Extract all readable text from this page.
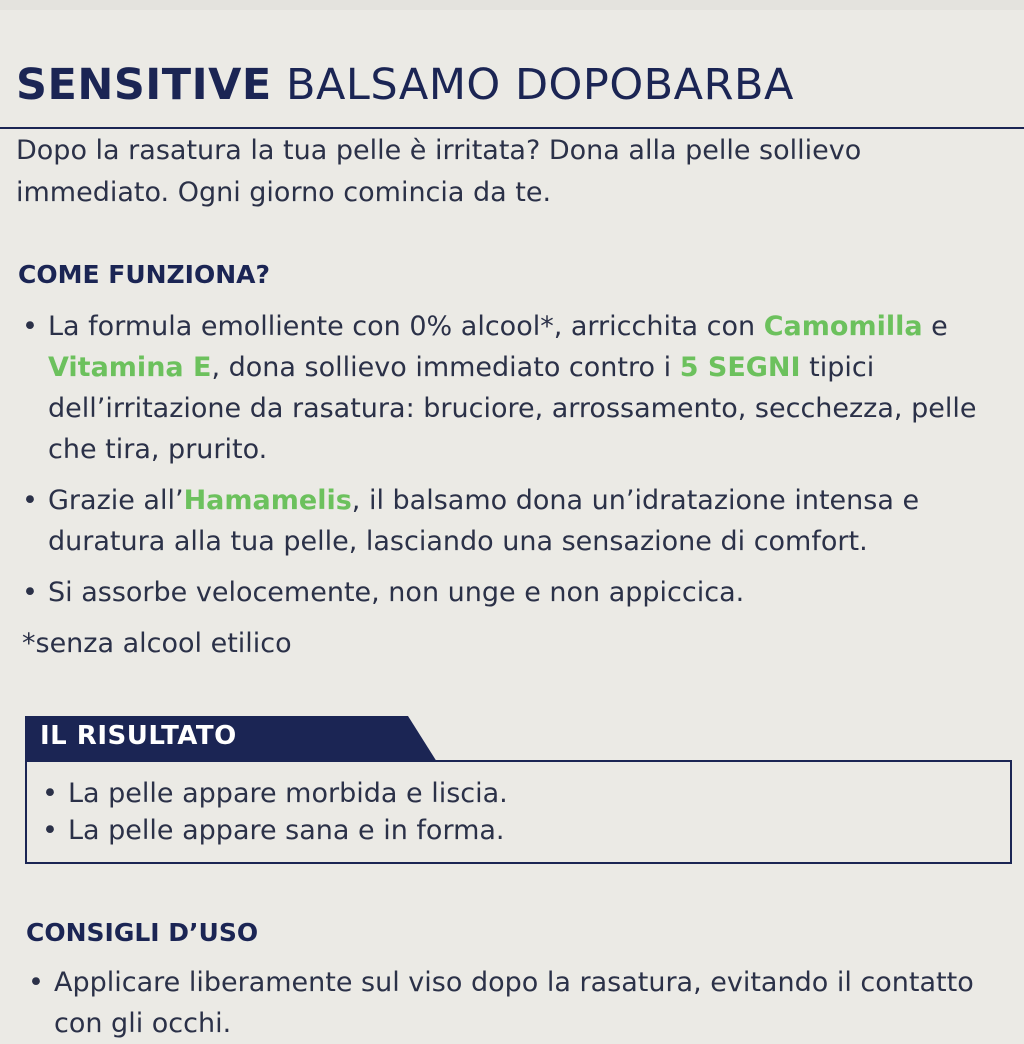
SENSITIVE BALSAMO DOPOBARBA
Dopo la rasatura la tua pelle è irritata? Dona alla pelle sollievo immediato. Ogni giorno comincia da te.
COME FUNZIONA?
• La formula emolliente con 0% alcool*, arricchita con Camomilla e Vitamina E, dona sollievo immediato contro i 5 SEGNI tipici dell’irritazione da rasatura: bruciore, arrossamento, secchezza, pelle che tira, prurito.
• Grazie all’Hamamelis, il balsamo dona un’idratazione intensa e duratura alla tua pelle, lasciando una sensazione di comfort.
• Si assorbe velocemente, non unge e non appiccica.
*senza alcool etilico
IL RISULTATO
• La pelle appare morbida e liscia.
• La pelle appare sana e in forma.
CONSIGLI D’USO
• Applicare liberamente sul viso dopo la rasatura, evitando il contatto con gli occhi.
